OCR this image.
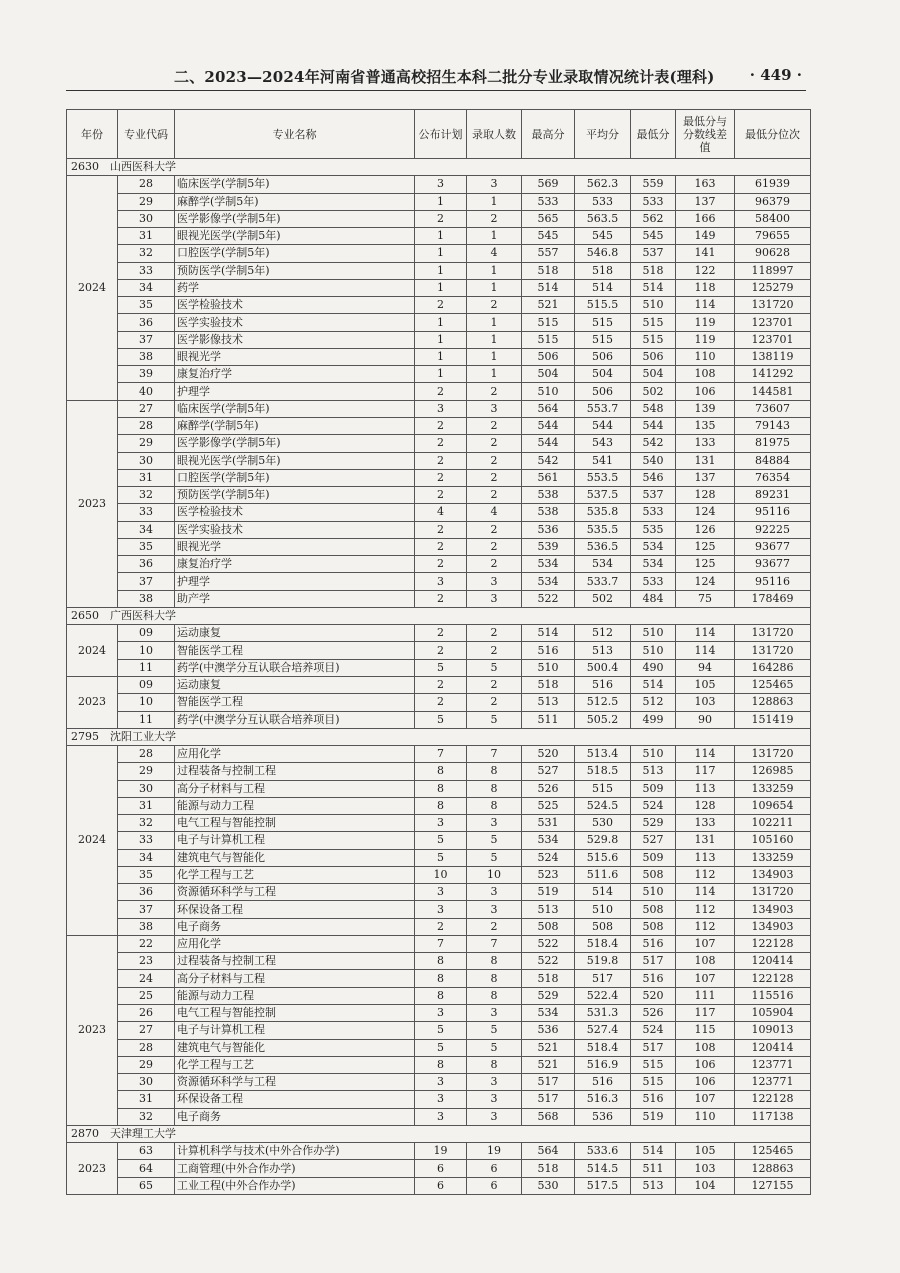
二、2023—2024年河南省普通高校招生本科二批分专业录取情况统计表(理科) · 449 ·
年份	专业代码	专业名称	公布计划	录取人数	最高分	平均分	最低分	最低分与分数线差值	最低分位次
2630　山西医科大学									
2024	28	临床医学(学制5年)	3	3	569	562.3	559	163	61939
	29	麻醉学(学制5年)	1	1	533	533	533	137	96379
	30	医学影像学(学制5年)	2	2	565	563.5	562	166	58400
	31	眼视光医学(学制5年)	1	1	545	545	545	149	79655
	32	口腔医学(学制5年)	1	4	557	546.8	537	141	90628
	33	预防医学(学制5年)	1	1	518	518	518	122	118997
	34	药学	1	1	514	514	514	118	125279
	35	医学检验技术	2	2	521	515.5	510	114	131720
	36	医学实验技术	1	1	515	515	515	119	123701
	37	医学影像技术	1	1	515	515	515	119	123701
	38	眼视光学	1	1	506	506	506	110	138119
	39	康复治疗学	1	1	504	504	504	108	141292
	40	护理学	2	2	510	506	502	106	144581
2023	27	临床医学(学制5年)	3	3	564	553.7	548	139	73607
	28	麻醉学(学制5年)	2	2	544	544	544	135	79143
	29	医学影像学(学制5年)	2	2	544	543	542	133	81975
	30	眼视光医学(学制5年)	2	2	542	541	540	131	84884
	31	口腔医学(学制5年)	2	2	561	553.5	546	137	76354
	32	预防医学(学制5年)	2	2	538	537.5	537	128	89231
	33	医学检验技术	4	4	538	535.8	533	124	95116
	34	医学实验技术	2	2	536	535.5	535	126	92225
	35	眼视光学	2	2	539	536.5	534	125	93677
	36	康复治疗学	2	2	534	534	534	125	93677
	37	护理学	3	3	534	533.7	533	124	95116
	38	助产学	2	3	522	502	484	75	178469
2650　广西医科大学									
2024	09	运动康复	2	2	514	512	510	114	131720
	10	智能医学工程	2	2	516	513	510	114	131720
	11	药学(中澳学分互认联合培养项目)	5	5	510	500.4	490	94	164286
2023	09	运动康复	2	2	518	516	514	105	125465
	10	智能医学工程	2	2	513	512.5	512	103	128863
	11	药学(中澳学分互认联合培养项目)	5	5	511	505.2	499	90	151419
2795　沈阳工业大学									
2024	28	应用化学	7	7	520	513.4	510	114	131720
	29	过程装备与控制工程	8	8	527	518.5	513	117	126985
	30	高分子材料与工程	8	8	526	515	509	113	133259
	31	能源与动力工程	8	8	525	524.5	524	128	109654
	32	电气工程与智能控制	3	3	531	530	529	133	102211
	33	电子与计算机工程	5	5	534	529.8	527	131	105160
	34	建筑电气与智能化	5	5	524	515.6	509	113	133259
	35	化学工程与工艺	10	10	523	511.6	508	112	134903
	36	资源循环科学与工程	3	3	519	514	510	114	131720
	37	环保设备工程	3	3	513	510	508	112	134903
	38	电子商务	2	2	508	508	508	112	134903
2023	22	应用化学	7	7	522	518.4	516	107	122128
	23	过程装备与控制工程	8	8	522	519.8	517	108	120414
	24	高分子材料与工程	8	8	518	517	516	107	122128
	25	能源与动力工程	8	8	529	522.4	520	111	115516
	26	电气工程与智能控制	3	3	534	531.3	526	117	105904
	27	电子与计算机工程	5	5	536	527.4	524	115	109013
	28	建筑电气与智能化	5	5	521	518.4	517	108	120414
	29	化学工程与工艺	8	8	521	516.9	515	106	123771
	30	资源循环科学与工程	3	3	517	516	515	106	123771
	31	环保设备工程	3	3	517	516.3	516	107	122128
	32	电子商务	3	3	568	536	519	110	117138
2870　天津理工大学									
2023	63	计算机科学与技术(中外合作办学)	19	19	564	533.6	514	105	125465
	64	工商管理(中外合作办学)	6	6	518	514.5	511	103	128863
	65	工业工程(中外合作办学)	6	6	530	517.5	513	104	127155
